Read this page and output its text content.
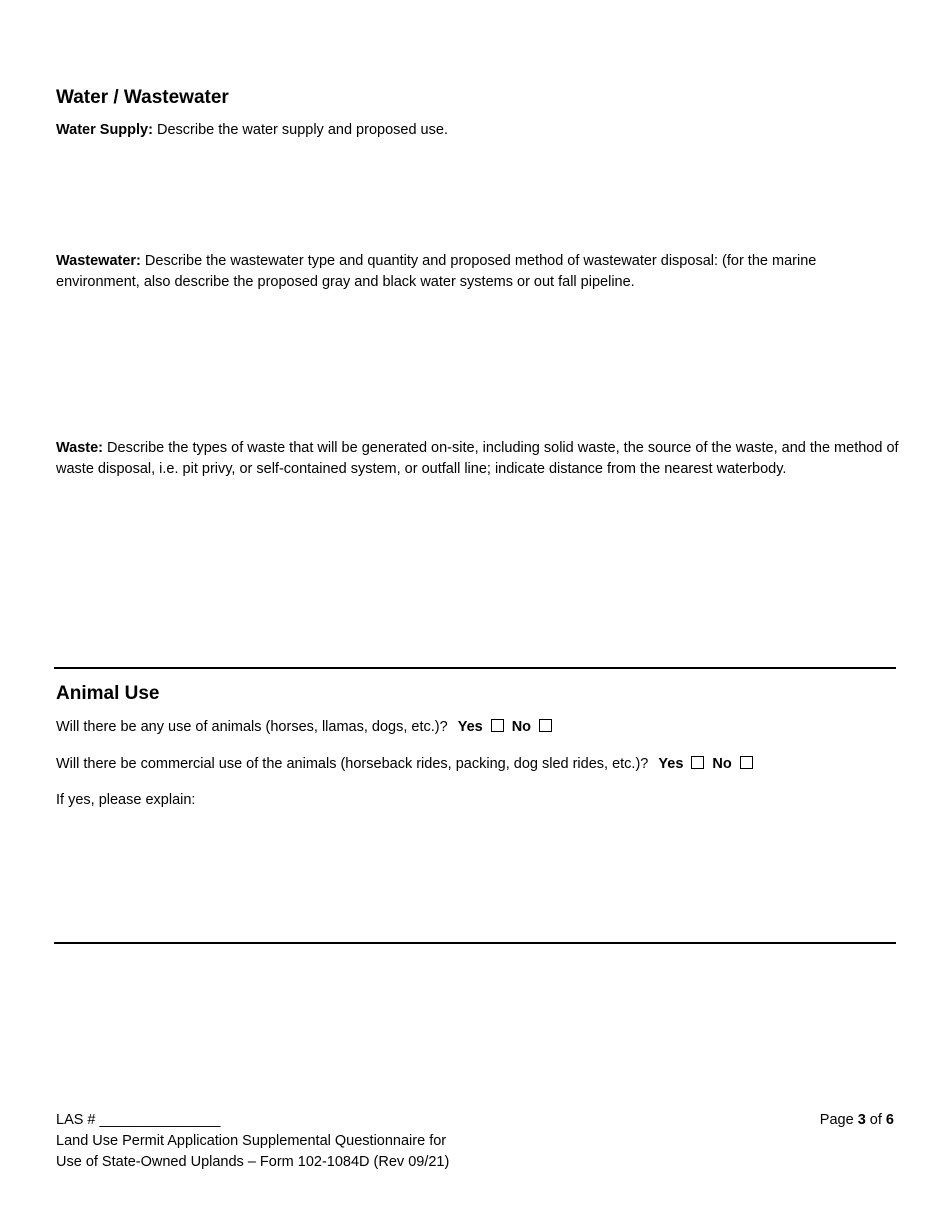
Water / Wastewater
Water Supply: Describe the water supply and proposed use.
Wastewater: Describe the wastewater type and quantity and proposed method of wastewater disposal: (for the marine environment, also describe the proposed gray and black water systems or out fall pipeline.
Waste: Describe the types of waste that will be generated on-site, including solid waste, the source of the waste, and the method of waste disposal, i.e. pit privy, or self-contained system, or outfall line; indicate distance from the nearest waterbody.
Animal Use
Will there be any use of animals (horses, llamas, dogs, etc.)? Yes No
Will there be commercial use of the animals (horseback rides, packing, dog sled rides, etc.)? Yes No
If yes, please explain:
LAS # _______________
Land Use Permit Application Supplemental Questionnaire for
Use of State-Owned Uplands – Form 102-1084D (Rev 09/21)
Page 3 of 6
